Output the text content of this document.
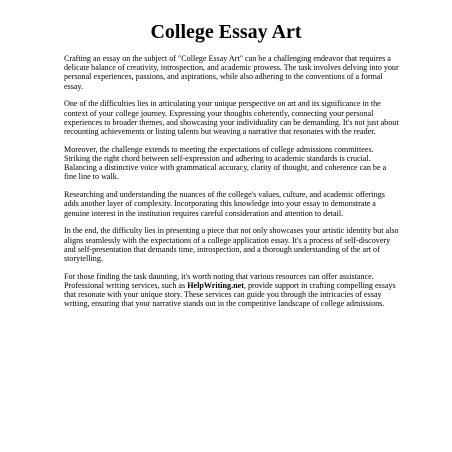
College Essay Art

Crafting an essay on the subject of "College Essay Art" can be a challenging endeavor that requires a delicate balance of creativity, introspection, and academic prowess. The task involves delving into your personal experiences, passions, and aspirations, while also adhering to the conventions of a formal essay.

One of the difficulties lies in articulating your unique perspective on art and its significance in the context of your college journey. Expressing your thoughts coherently, connecting your personal experiences to broader themes, and showcasing your individuality can be demanding. It's not just about recounting achievements or listing talents but weaving a narrative that resonates with the reader.

Moreover, the challenge extends to meeting the expectations of college admissions committees. Striking the right chord between self-expression and adhering to academic standards is crucial. Balancing a distinctive voice with grammatical accuracy, clarity of thought, and coherence can be a fine line to walk.

Researching and understanding the nuances of the college's values, culture, and academic offerings adds another layer of complexity. Incorporating this knowledge into your essay to demonstrate a genuine interest in the institution requires careful consideration and attention to detail.

In the end, the difficulty lies in presenting a piece that not only showcases your artistic identity but also aligns seamlessly with the expectations of a college application essay. It's a process of self-discovery and self-presentation that demands time, introspection, and a thorough understanding of the art of storytelling.

For those finding the task daunting, it's worth noting that various resources can offer assistance. Professional writing services, such as HelpWriting.net, provide support in crafting compelling essays that resonate with your unique story. These services can guide you through the intricacies of essay writing, ensuring that your narrative stands out in the competitive landscape of college admissions.
